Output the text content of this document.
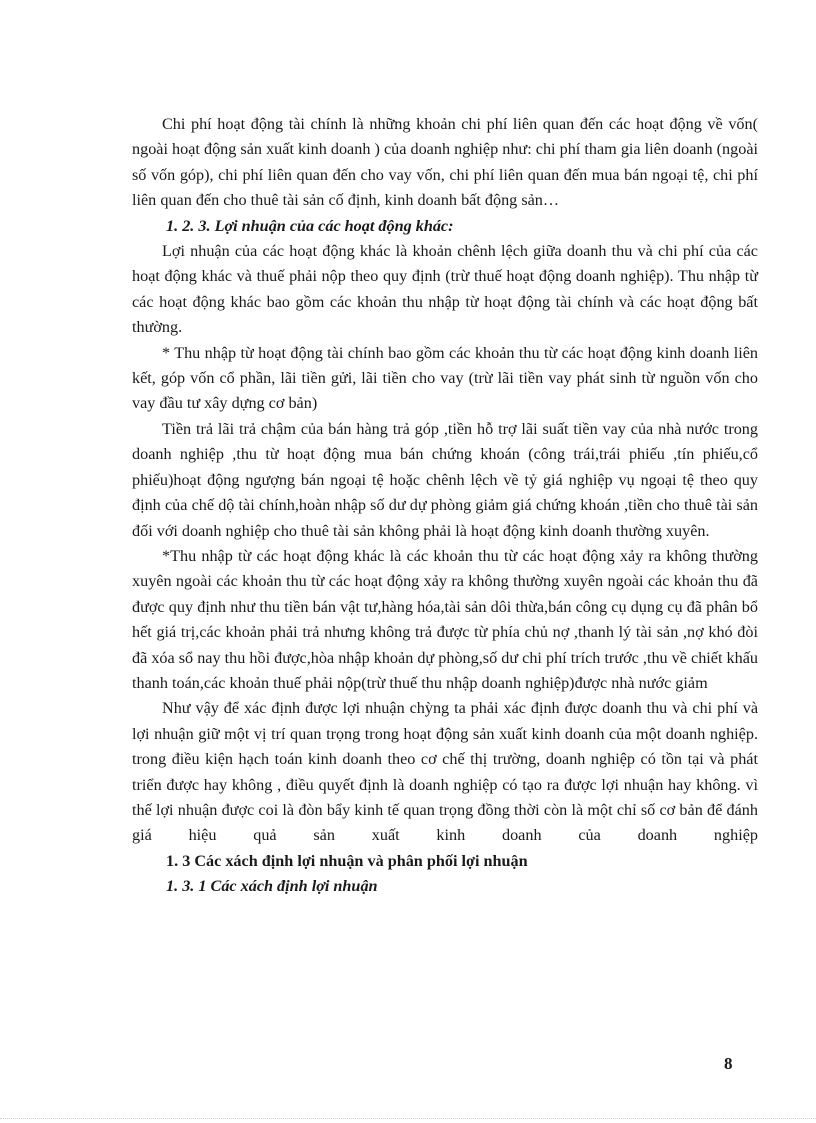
Chi phí hoạt động tài chính là những khoản chi phí liên quan đến các hoạt động về vốn( ngoài hoạt động sản xuất kinh doanh ) của doanh nghiệp như: chi phí tham gia liên doanh (ngoài số vốn góp), chi phí liên quan đến cho vay vốn, chi phí liên quan đến mua bán ngoại tệ, chi phí liên quan đến cho thuê tài sản cố định, kinh doanh bất động sản…

1. 2. 3. Lợi nhuận của các hoạt động khác:

Lợi nhuận của các hoạt động khác là khoản chênh lệch giữa doanh thu và chi phí của các hoạt động khác và thuế phải nộp theo quy định (trừ thuế hoạt động doanh nghiệp). Thu nhập từ các hoạt động khác bao gồm các khoản thu nhập từ hoạt động tài chính và các hoạt động bất thường.

* Thu nhập từ hoạt động tài chính bao gồm các khoản thu từ các hoạt động kinh doanh liên kết, góp vốn cổ phần, lãi tiền gửi, lãi tiền cho vay (trừ lãi tiền vay phát sinh từ nguồn vốn cho vay đầu tư xây dựng cơ bản)

Tiền trả lãi trả chậm của bán hàng trả góp ,tiền hỗ trợ lãi suất tiền vay của nhà nước trong doanh nghiệp ,thu từ hoạt động mua bán chứng khoán (công trái,trái phiếu ,tín phiếu,cổ phiếu)hoạt động ngượng bán ngoại tệ hoặc chênh lệch về tỷ giá nghiệp vụ ngoại tệ theo quy định của chế dộ tài chính,hoàn nhập số dư dự phòng giảm giá chứng khoán ,tiền cho thuê tài sản đối với doanh nghiệp cho thuê tài sản không phải là hoạt động kinh doanh thường xuyên.

*Thu nhập từ các hoạt động khác là các khoản thu từ các hoạt động xảy ra không thường xuyên ngoài các khoản thu từ các hoạt động xảy ra không thường xuyên ngoài các khoản thu đã được quy định như thu tiền bán vật tư,hàng hóa,tài sản dôi thừa,bán công cụ dụng cụ đã phân bổ hết giá trị,các khoản phải trả nhưng không trả được từ phía chủ nợ ,thanh lý tài sản ,nợ khó đòi đã xóa sổ nay thu hồi được,hòa nhập khoản dự phòng,số dư chi phí trích trước ,thu về chiết khấu thanh toán,các khoản thuế phải nộp(trừ thuế thu nhập doanh nghiệp)được nhà nước giảm

Như vậy để xác định được lợi nhuận chỳng ta phải xác định được doanh thu và chi phí và lợi nhuận giữ một vị trí quan trọng trong hoạt động sản xuất kinh doanh của một doanh nghiệp. trong điều kiện hạch toán kinh doanh theo cơ chế thị trường, doanh nghiệp có tồn tại và phát triển được hay không , điều quyết định là doanh nghiệp có tạo ra được lợi nhuận hay không. vì thế lợi nhuận được coi là đòn bẩy kinh tế quan trọng đồng thời còn là một chỉ số cơ bản để đánh giá hiệu quả sản xuất kinh doanh của doanh nghiệp

1. 3 Các xách định lợi nhuận và phân phối lợi nhuận

1. 3. 1 Các xách định lợi nhuận

8
